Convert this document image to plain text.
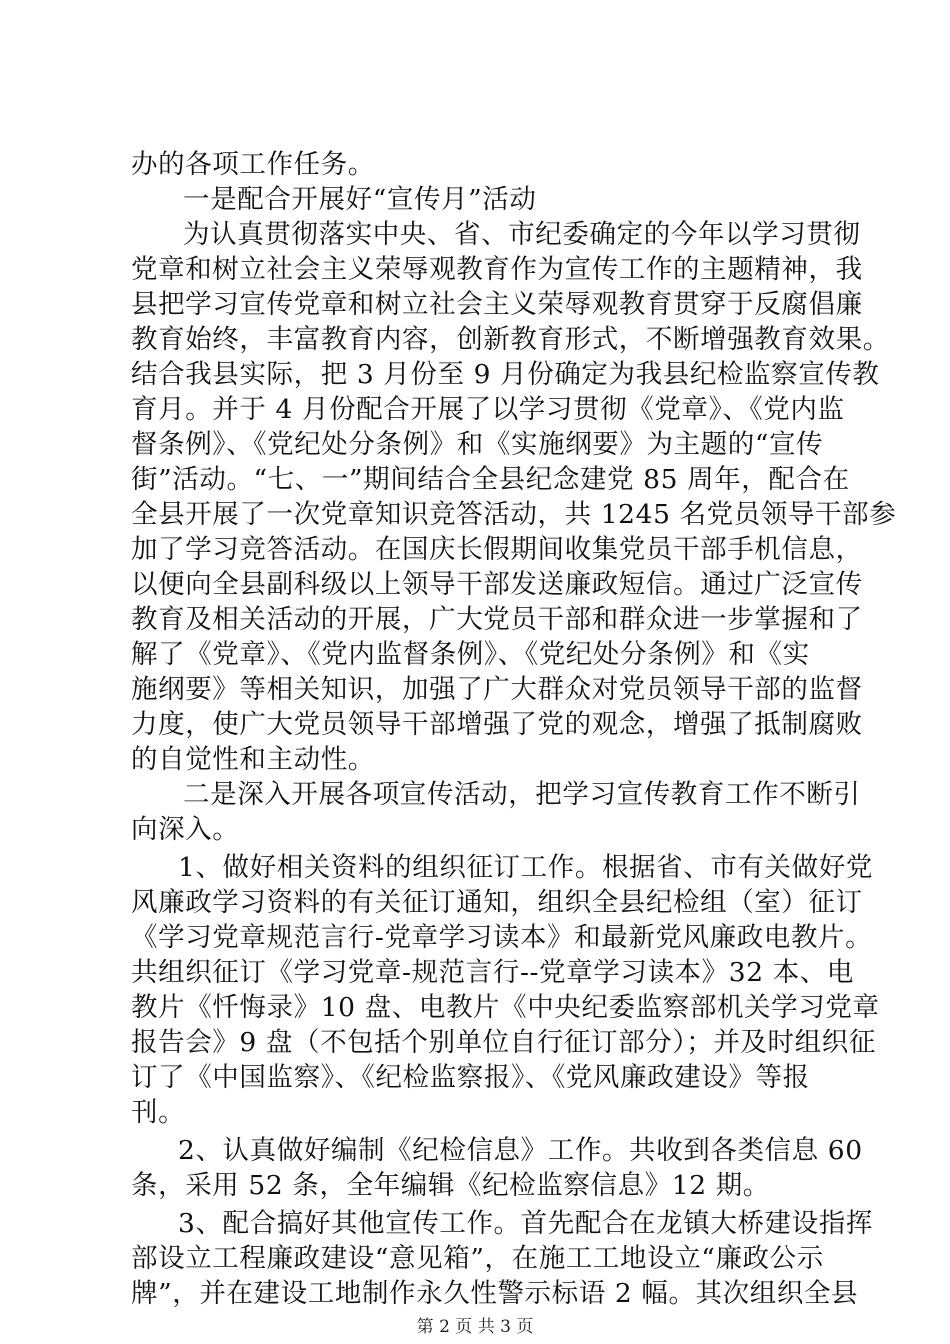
办的各项工作任务。
一是配合开展好“宣传月”活动
为认真贯彻落实中央、省、市纪委确定的今年以学习贯彻
党章和树立社会主义荣辱观教育作为宣传工作的主题精神，我
县把学习宣传党章和树立社会主义荣辱观教育贯穿于反腐倡廉
教育始终，丰富教育内容，创新教育形式，不断增强教育效果。
结合我县实际，把 3 月份至 9 月份确定为我县纪检监察宣传教
育月。并于 4 月份配合开展了以学习贯彻《党章》、《党内监
督条例》、《党纪处分条例》和《实施纲要》为主题的“宣传
街”活动。“七、一”期间结合全县纪念建党 85 周年，配合在
全县开展了一次党章知识竞答活动，共 1245 名党员领导干部参
加了学习竞答活动。在国庆长假期间收集党员干部手机信息，
以便向全县副科级以上领导干部发送廉政短信。通过广泛宣传
教育及相关活动的开展，广大党员干部和群众进一步掌握和了
解了《党章》、《党内监督条例》、《党纪处分条例》和《实
施纲要》等相关知识，加强了广大群众对党员领导干部的监督
力度，使广大党员领导干部增强了党的观念，增强了抵制腐败
的自觉性和主动性。
二是深入开展各项宣传活动，把学习宣传教育工作不断引
向深入。
1、做好相关资料的组织征订工作。根据省、市有关做好党
风廉政学习资料的有关征订通知，组织全县纪检组（室）征订
《学习党章规范言行-党章学习读本》和最新党风廉政电教片。
共组织征订《学习党章-规范言行--党章学习读本》32 本、电
教片《忏悔录》10 盘、电教片《中央纪委监察部机关学习党章
报告会》9 盘（不包括个别单位自行征订部分）；并及时组织征
订了《中国监察》、《纪检监察报》、《党风廉政建设》等报
刊。
2、认真做好编制《纪检信息》工作。共收到各类信息 60
条，采用 52 条，全年编辑《纪检监察信息》12 期。
3、配合搞好其他宣传工作。首先配合在龙镇大桥建设指挥
部设立工程廉政建设“意见箱”，在施工工地设立“廉政公示
牌”，并在建设工地制作永久性警示标语 2 幅。其次组织全县
第 2 页 共 3 页
